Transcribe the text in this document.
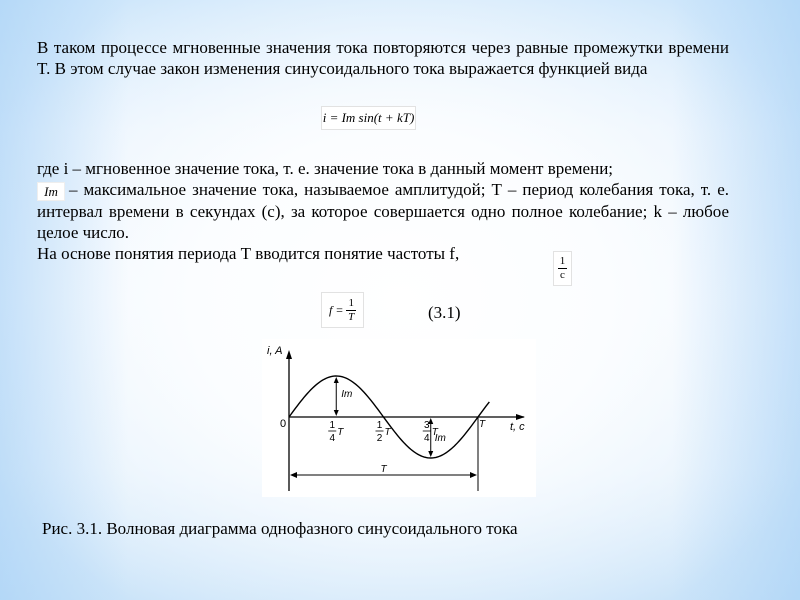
В таком процессе мгновенные значения тока повторяются через равные промежутки времени T. В этом случае закон изменения синусоидального тока выражается функцией вида
i = Im sin(t + kT)
где i – мгновенное значение тока, т. е. значение тока в данный момент времени;
Im – максимальное значение тока, называемое амплитудой; Т – период колебания тока, т. е. интервал времени в секундах (с), за которое совершается одно полное колебание; k – любое целое число.
На основе понятия периода Т вводится понятие частоты f,
$\frac{1}{с}$
f =
$\frac{1}{T}$	(3.1)
i, A
t, c
0
Im
Im
1
4
T
1
2
T
3
4
T
T
T
Рис. 3.1. Волновая диаграмма однофазного синусоидального тока
